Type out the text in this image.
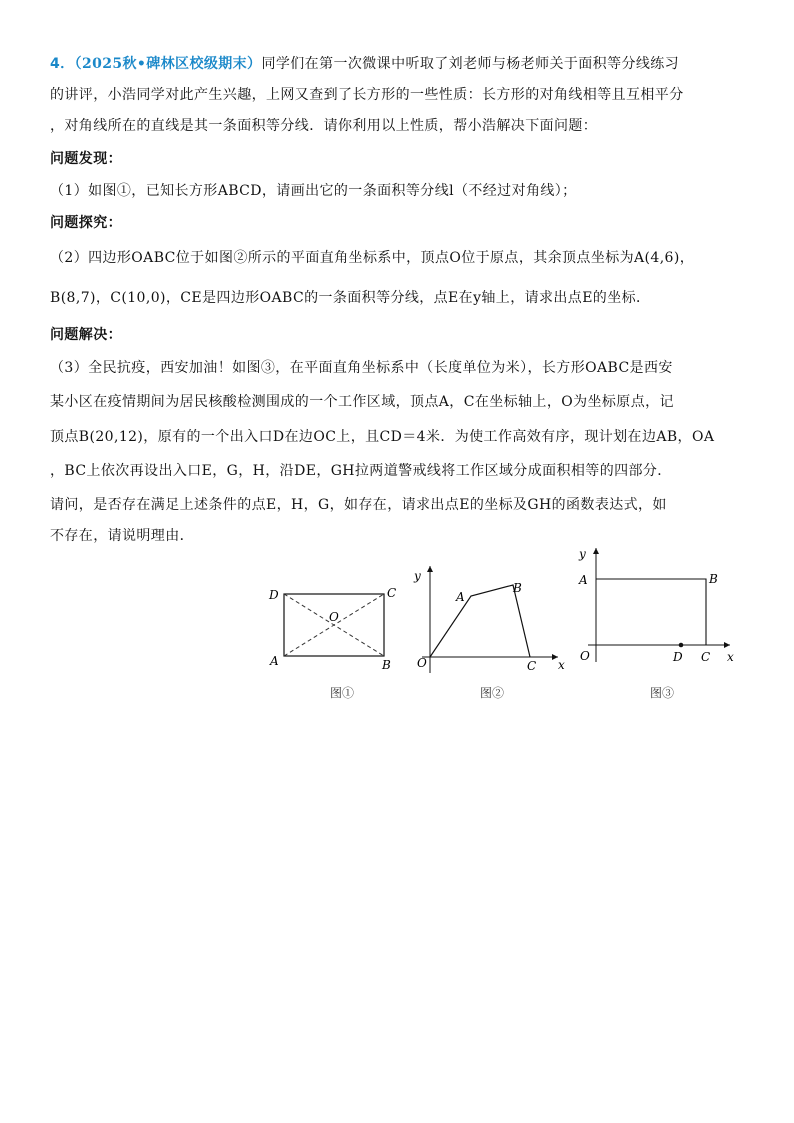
4．（2025秋•碑林区校级期末）同学们在第一次微课中听取了刘老师与杨老师关于面积等分线练习
的讲评，小浩同学对此产生兴趣，上网又查到了长方形的一些性质：长方形的对角线相等且互相平分
，对角线所在的直线是其一条面积等分线．请你利用以上性质，帮小浩解决下面问题：
问题发现：
（1）如图①，已知长方形ABCD，请画出它的一条面积等分线l（不经过对角线）；
问题探究：
（2）四边形OABC位于如图②所示的平面直角坐标系中，顶点O位于原点，其余顶点坐标为A(4,6)，
B(8,7)，C(10,0)，CE是四边形OABC的一条面积等分线，点E在y轴上，请求出点E的坐标．
问题解决：
（3）全民抗疫，西安加油！如图③，在平面直角坐标系中（长度单位为米），长方形OABC是西安
某小区在疫情期间为居民核酸检测围成的一个工作区域，顶点A，C在坐标轴上，O为坐标原点，记
顶点B(20,12)，原有的一个出入口D在边OC上，且CD＝4米．为使工作高效有序，现计划在边AB，OA
，BC上依次再设出入口E，G，H，沿DE，GH拉两道警戒线将工作区域分成面积相等的四部分．
请问，是否存在满足上述条件的点E，H，G，如存在，请求出点E的坐标及GH的函数表达式，如
不存在，请说明理由．
D	C
A	B
O
图①
y
x
O
A
B
C
图②
y
x
O
A	B
D C
图③
